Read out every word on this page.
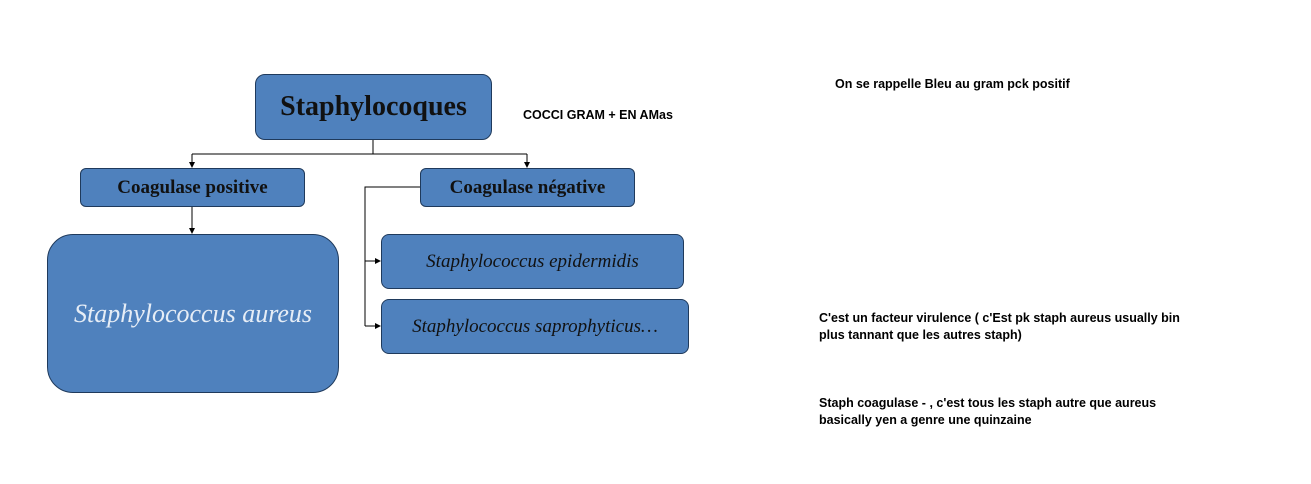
Staphylocoques
Coagulase positive	Coagulase négative
Staphylococcus aureus
Staphylococcus epidermidis
Staphylococcus saprophyticus…

COCCI GRAM + EN AMas

On se rappelle Bleu au gram pck positif

C'est un facteur virulence ( c'Est pk staph aureus usually bin
plus tannant que les autres staph)
Staph coagulase - , c'est tous les staph autre que aureus
basically yen a genre une quinzaine
